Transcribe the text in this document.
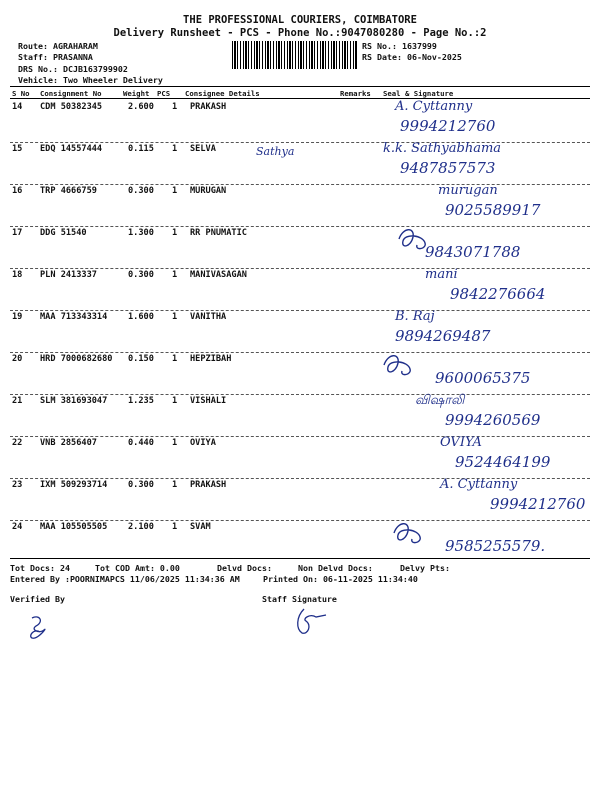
THE PROFESSIONAL COURIERS, COIMBATORE
Delivery Runsheet - PCS - Phone No.:9047080280 - Page No.:2
Route: AGRAHARAM
Staff: PRASANNA
DRS No.: DCJB163799902
Vehicle: Two Wheeler Delivery
RS No.: 1637999
RS Date: 06-Nov-2025
S No Consignment No	Weight PCS Consignee Details	Remarks Seal & Signature
14 CDM 50382345	2.600 1 PRAKASH	A. Cyttanny
9994212760
15 EDQ 14557444	0.115 1 SELVA	k.k. Sathyabhama
9487857573
Sathya
16 TRP 4666759	0.300 1 MURUGAN	murugan
9025589917
17 DDG 51540	1.300 1 RR PNUMATIC
9843071788
18 PLN 2413337	0.300 1 MANIVASAGAN	mani
9842276664
19 MAA 713343314 1.600 1 VANITHA	B. Raj
9894269487
20 HRD 7000682680 0.150 1 HEPZIBAH
9600065375
21 SLM 381693047 1.235 1 VISHALI	விஷாலி
9994260569
22 VNB 2856407	0.440 1 OVIYA	OVIYA
9524464199
23 IXM 509293714 0.300 1 PRAKASH	A. Cyttanny
9994212760
24 MAA 105505505 2.100 1 SVAM
9585255579.
Tot Docs: 24	Tot COD Amt: 0.00	Delvd Docs:	Non Delvd Docs:	Delvy Pts:
Entered By :POORNIMAPCS 11/06/2025 11:34:36 AM	Printed On: 06-11-2025 11:34:40
Verified By	Staff Signature
